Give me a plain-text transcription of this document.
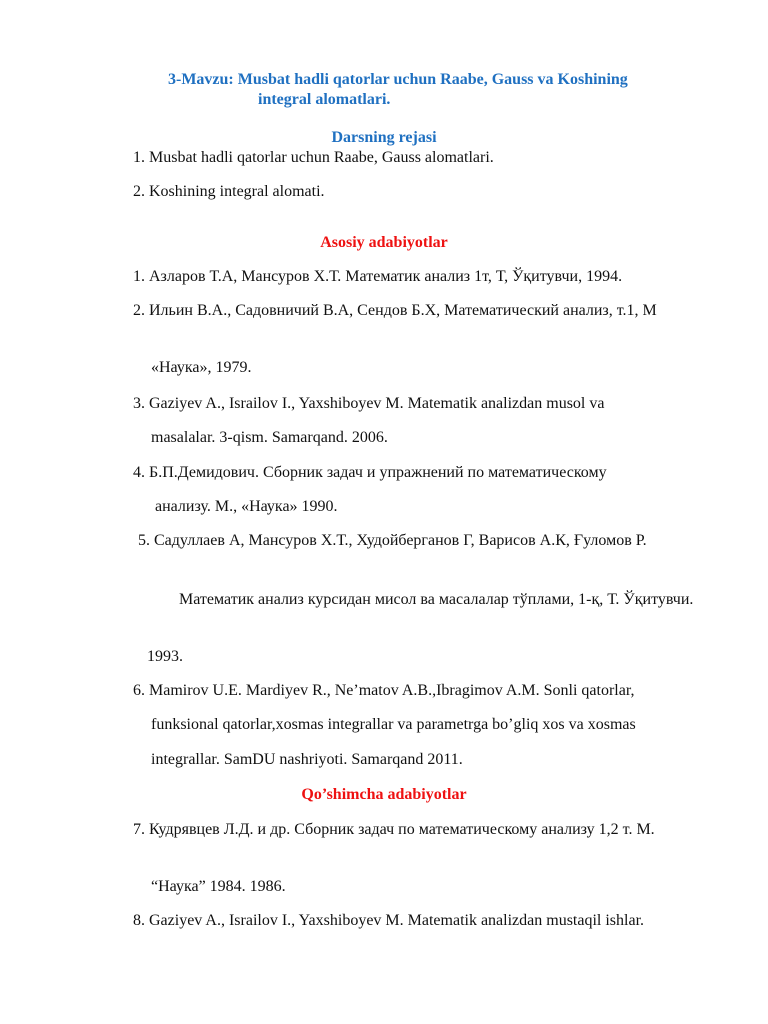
3-Mavzu: Musbat hadli qatorlar uchun Raabe, Gauss va Koshining
integral alomatlari.
Darsning rejasi
1. Musbat hadli qatorlar uchun Raabe, Gauss alomatlari.
2. Koshining integral alomati.
Asosiy adabiyotlar
1. Азларов Т.А, Мансуров Х.Т. Математик анализ 1т, Т, Ўқитувчи, 1994.
2. Ильин В.А., Садовничий В.А, Сендов Б.Х, Математический анализ, т.1, М
«Наука», 1979.
3. Gaziyev A., Israilov I., Yaxshiboyev M. Matematik analizdan musol va
masalalar. 3-qism. Samarqand. 2006.
4. Б.П.Демидович. Сборник задач и упражнений по математическому
анализу. М., «Наука» 1990.
5. Садуллаев А, Мансуров Х.Т., Худойберганов Г, Варисов А.К, Ғуломов Р.
Математик анализ курсидан мисол ва масалалар тўплами, 1-қ, Т. Ўқитувчи.
1993.
6. Mamirov U.E. Mardiyev R., Ne’matov A.B.,Ibragimov A.M. Sonli qatorlar,
funksional qatorlar,xosmas integrallar va parametrga bo’gliq xos va xosmas
integrallar. SamDU nashriyoti. Samarqand 2011.
Qo’shimcha adabiyotlar
7. Кудрявцев Л.Д. и др. Сборник задач по математическому анализу 1,2 т. М.
“Наука” 1984. 1986.
8. Gaziyev A., Israilov I., Yaxshiboyev M. Matematik analizdan mustaqil ishlar.
